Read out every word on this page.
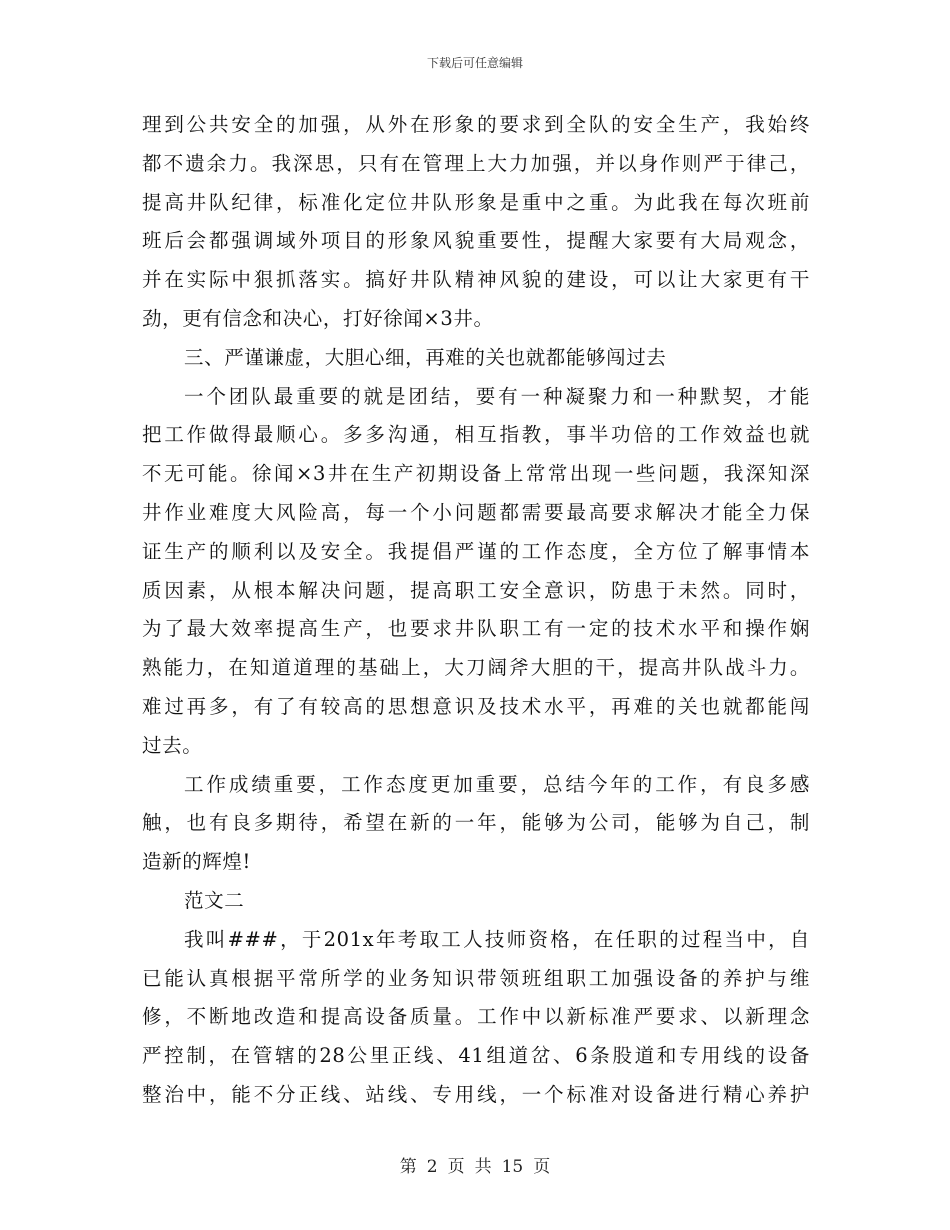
下载后可任意编辑
理到公共安全的加强，从外在形象的要求到全队的安全生产，我始终
都不遗余力。我深思，只有在管理上大力加强，并以身作则严于律己，
提高井队纪律，标准化定位井队形象是重中之重。为此我在每次班前
班后会都强调域外项目的形象风貌重要性，提醒大家要有大局观念，
并在实际中狠抓落实。搞好井队精神风貌的建设，可以让大家更有干
劲，更有信念和决心，打好徐闻×3井。
三、严谨谦虚，大胆心细，再难的关也就都能够闯过去
一个团队最重要的就是团结，要有一种凝聚力和一种默契，才能
把工作做得最顺心。多多沟通，相互指教，事半功倍的工作效益也就
不无可能。徐闻×3井在生产初期设备上常常出现一些问题，我深知深
井作业难度大风险高，每一个小问题都需要最高要求解决才能全力保
证生产的顺利以及安全。我提倡严谨的工作态度，全方位了解事情本
质因素，从根本解决问题，提高职工安全意识，防患于未然。同时，
为了最大效率提高生产，也要求井队职工有一定的技术水平和操作娴
熟能力，在知道道理的基础上，大刀阔斧大胆的干，提高井队战斗力。
难过再多，有了有较高的思想意识及技术水平，再难的关也就都能闯
过去。
工作成绩重要，工作态度更加重要，总结今年的工作，有良多感
触，也有良多期待，希望在新的一年，能够为公司，能够为自己，制
造新的辉煌!
范文二
我叫###，于201x年考取工人技师资格，在任职的过程当中，自
已能认真根据平常所学的业务知识带领班组职工加强设备的养护与维
修，不断地改造和提高设备质量。工作中以新标准严要求、以新理念
严控制，在管辖的28公里正线、41组道岔、6条股道和专用线的设备
整治中，能不分正线、站线、专用线，一个标准对设备进行精心养护
第 2 页 共 15 页
